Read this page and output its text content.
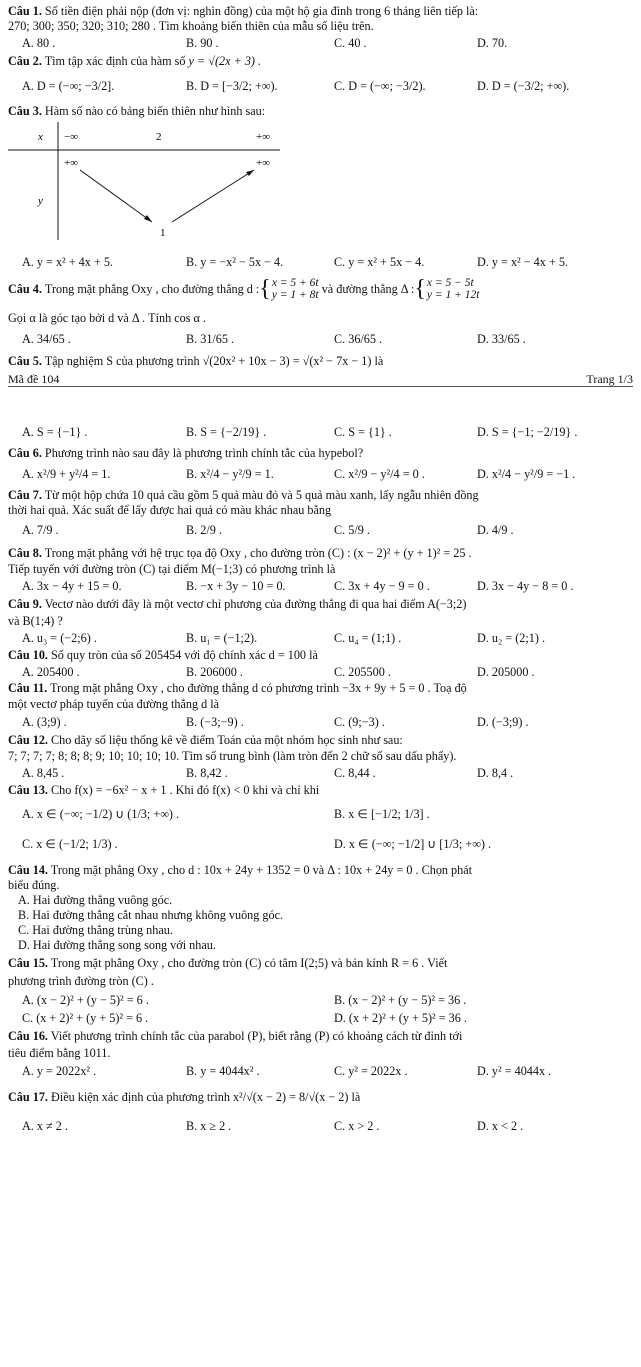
Câu 1. Số tiền điện phải nộp (đơn vị: nghìn đồng) của một hộ gia đình trong 6 tháng liên tiếp là:
270; 300; 350; 320; 310; 280 . Tìm khoảng biến thiên của mẫu số liệu trên.
A. 80 .	B. 90 .	C. 40 .	D. 70.
Câu 2. Tìm tập xác định của hàm số y = √(2x + 3) .
A. D = (−∞; −3/2].	B. D = [−3/2; +∞).	C. D = (−∞; −3/2).	D. D = (−3/2; +∞).
Câu 3. Hàm số nào có bảng biến thiên như hình sau:
x
y
−∞	2	+∞
+∞	+∞
1
A. y = x² + 4x + 5.	B. y = −x² − 5x − 4.	C. y = x² + 5x − 4.	D. y = x² − 4x + 5.
Câu 4.
Trong mặt phẳng Oxy , cho đường thẳng d : { x = 5 + 6t
y = 1 + 8t
và đường thẳng Δ : { x = 5 − 5t
y = 1 + 12t
Gọi α là góc tạo bởi d và Δ . Tính cos α .
A. 34/65 .	B. 31/65 .	C. 36/65 .	D. 33/65 .
Câu 5. Tập nghiệm S của phương trình √(20x² + 10x − 3) = √(x² − 7x − 1) là
Mã đề 104	Trang 1/3
A. S = {−1} .	B. S = {−2/19} .	C. S = {1} .	D. S = {−1; −2/19} .
Câu 6. Phương trình nào sau đây là phương trình chính tắc của hypebol?
A. x²/9 + y²/4 = 1.	B. x²/4 − y²/9 = 1.	C. x²/9 − y²/4 = 0 .	D. x²/4 − y²/9 = −1 .
Câu 7. Từ một hộp chứa 10 quả cầu gồm 5 quả màu đỏ và 5 quả màu xanh, lấy ngẫu nhiên đồng
thời hai quả. Xác suất để lấy được hai quả có màu khác nhau bằng
A. 7/9 .	B. 2/9 .	C. 5/9 .	D. 4/9 .
Câu 8. Trong mặt phẳng với hệ trục tọa độ Oxy , cho đường tròn (C) : (x − 2)² + (y + 1)² = 25 .
Tiếp tuyến với đường tròn (C) tại điểm M(−1;3) có phương trình là
A. 3x − 4y + 15 = 0.	B. −x + 3y − 10 = 0.	C. 3x + 4y − 9 = 0 .	D. 3x − 4y − 8 = 0 .
Câu 9. Vectơ nào dưới đây là một vectơ chỉ phương của đường thẳng đi qua hai điểm A(−3;2)
và B(1;4) ?
A. u₃ = (−2;6) .	B. u₁ = (−1;2).	C. u₄ = (1;1) .	D. u₂ = (2;1) .
Câu 10. Số quy tròn của số 205454 với độ chính xác d = 100 là
A. 205400 .	B. 206000 .	C. 205500 .	D. 205000 .
Câu 11. Trong mặt phẳng Oxy , cho đường thẳng d có phương trình −3x + 9y + 5 = 0 . Toạ độ
một vectơ pháp tuyến của đường thẳng d là
A. (3;9) .	B. (−3;−9) .	C. (9;−3) .	D. (−3;9) .
Câu 12. Cho dãy số liệu thống kê về điểm Toán của một nhóm học sinh như sau:
7; 7; 7; 7; 8; 8; 8; 9; 10; 10; 10; 10. Tìm số trung bình (làm tròn đến 2 chữ số sau dấu phẩy).
A. 8,45 .	B. 8,42 .	C. 8,44 .	D. 8,4 .
Câu 13. Cho f(x) = −6x² − x + 1 . Khi đó f(x) < 0 khi và chỉ khi
A. x ∈ (−∞; −1/2) ∪ (1/3; +∞) .	B. x ∈ [−1/2; 1/3] .
C. x ∈ (−1/2; 1/3) .	D. x ∈ (−∞; −1/2] ∪ [1/3; +∞) .
Câu 14. Trong mặt phẳng Oxy , cho d : 10x + 24y + 1352 = 0 và Δ : 10x + 24y = 0 . Chọn phát
biểu đúng.
A. Hai đường thẳng vuông góc.
B. Hai đường thẳng cắt nhau nhưng không vuông góc.
C. Hai đường thẳng trùng nhau.
D. Hai đường thẳng song song với nhau.
Câu 15. Trong mặt phẳng Oxy , cho đường tròn (C) có tâm I(2;5) và bán kính R = 6 . Viết
phương trình đường tròn (C) .
A. (x − 2)² + (y − 5)² = 6 .	B. (x − 2)² + (y − 5)² = 36 .
C. (x + 2)² + (y + 5)² = 6 .	D. (x + 2)² + (y + 5)² = 36 .
Câu 16. Viết phương trình chính tắc của parabol (P), biết rằng (P) có khoảng cách từ đỉnh tới
tiêu điểm bằng 1011.
A. y = 2022x² .	B. y = 4044x² .	C. y² = 2022x .	D. y² = 4044x .
Câu 17. Điều kiện xác định của phương trình x²/√(x − 2) = 8/√(x − 2) là
A. x ≠ 2 .	B. x ≥ 2 .	C. x > 2 .	D. x < 2 .
